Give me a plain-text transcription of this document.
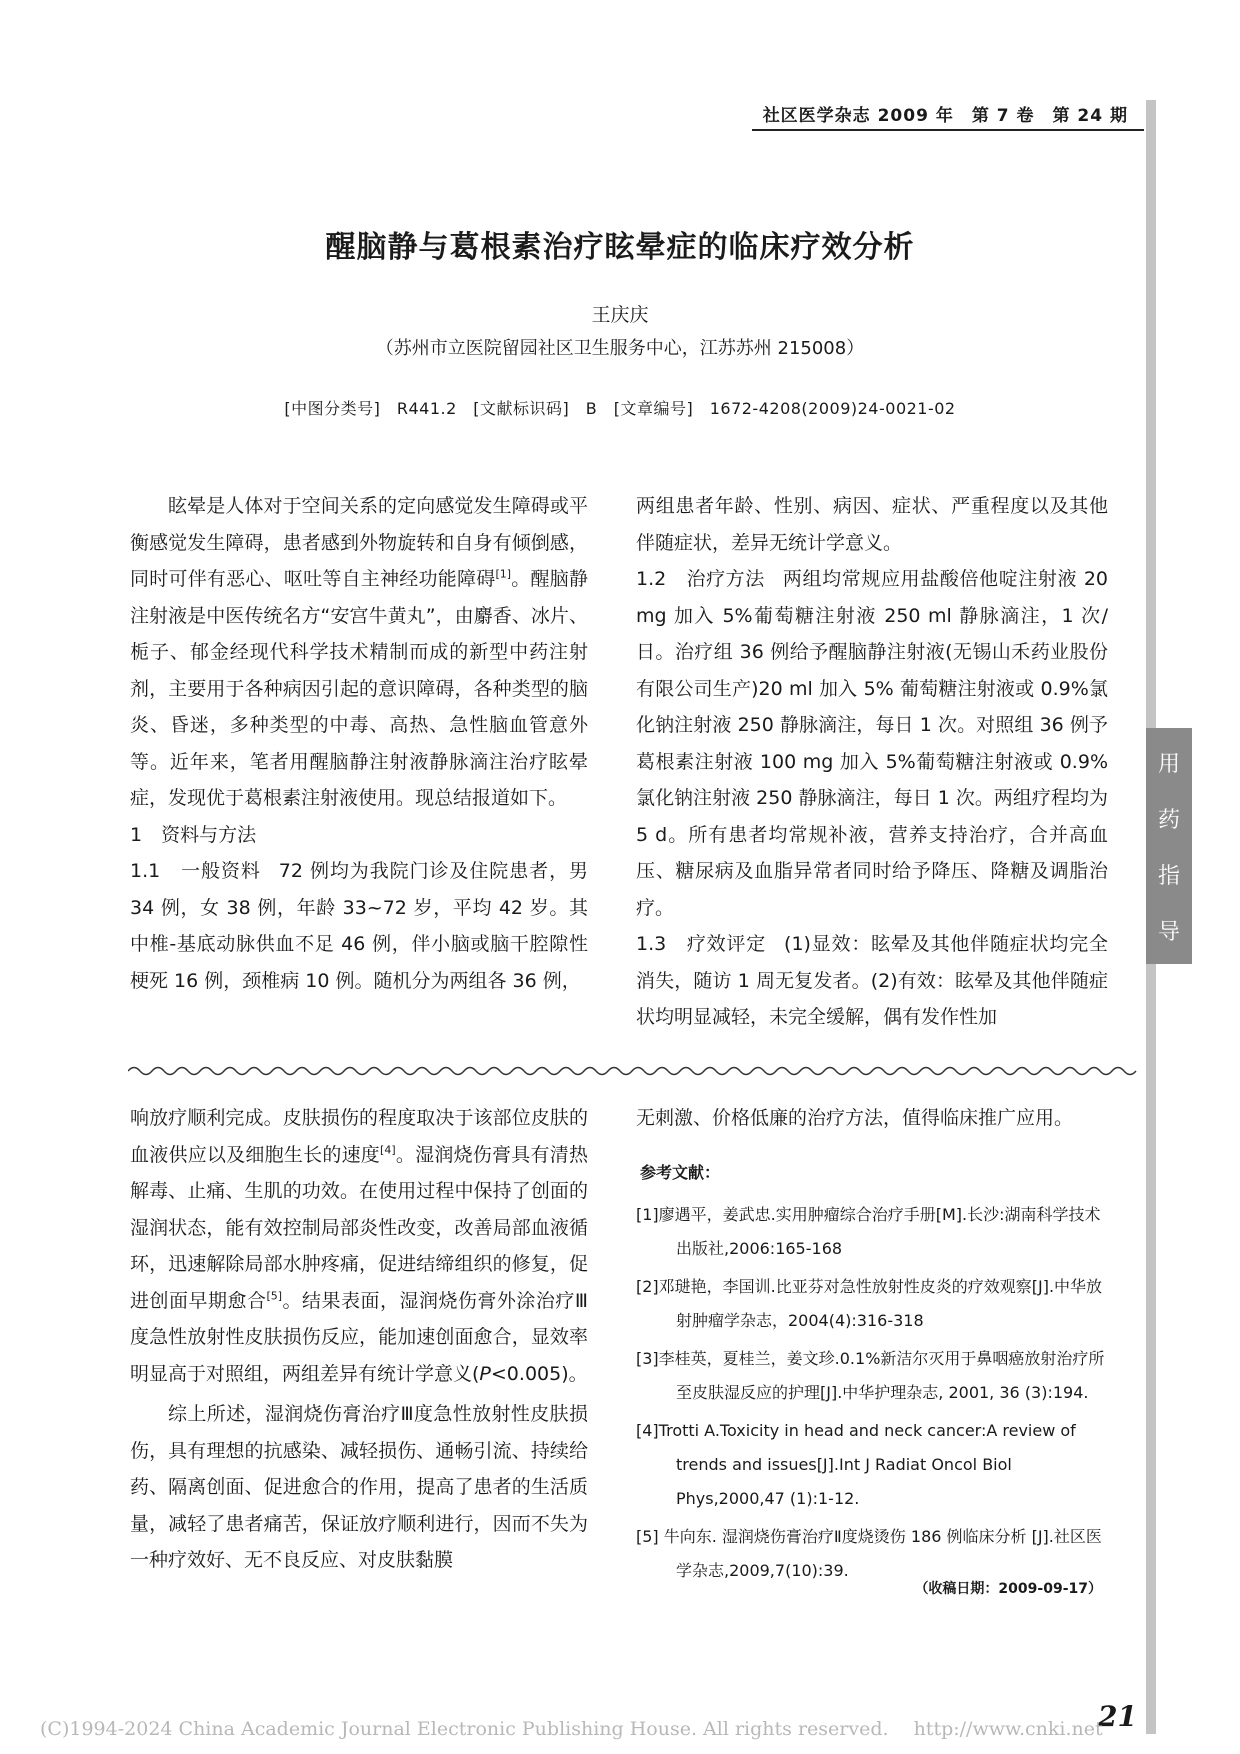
社区医学杂志 2009 年　第 7 卷　第 24 期
醒脑静与葛根素治疗眩晕症的临床疗效分析
王庆庆
（苏州市立医院留园社区卫生服务中心，江苏苏州 215008）
[中图分类号]　R441.2　[文献标识码]　B　[文章编号]　1672-4208(2009)24-0021-02

眩晕是人体对于空间关系的定向感觉发生障碍或平衡感觉发生障碍，患者感到外物旋转和自身有倾倒感，同时可伴有恶心、呕吐等自主神经功能障碍[1]。醒脑静注射液是中医传统名方“安宫牛黄丸”，由麝香、冰片、栀子、郁金经现代科学技术精制而成的新型中药注射剂，主要用于各种病因引起的意识障碍，各种类型的脑炎、昏迷，多种类型的中毒、高热、急性脑血管意外等。近年来，笔者用醒脑静注射液静脉滴注治疗眩晕症，发现优于葛根素注射液使用。现总结报道如下。

1　资料与方法

1.1　一般资料 72 例均为我院门诊及住院患者，男 34 例，女 38 例，年龄 33~72 岁，平均 42 岁。其中椎-基底动脉供血不足 46 例，伴小脑或脑干腔隙性梗死 16 例，颈椎病 10 例。随机分为两组各 36 例，

两组患者年龄、性别、病因、症状、严重程度以及其他伴随症状，差异无统计学意义。

1.2　治疗方法 两组均常规应用盐酸倍他啶注射液 20 mg 加入 5%葡萄糖注射液 250 ml 静脉滴注，1 次/日。治疗组 36 例给予醒脑静注射液(无锡山禾药业股份有限公司生产)20 ml 加入 5% 葡萄糖注射液或 0.9%氯化钠注射液 250 静脉滴注，每日 1 次。对照组 36 例予葛根素注射液 100 mg 加入 5%葡萄糖注射液或 0.9%氯化钠注射液 250 静脉滴注，每日 1 次。两组疗程均为 5 d。所有患者均常规补液，营养支持治疗，合并高血压、糖尿病及血脂异常者同时给予降压、降糖及调脂治疗。

1.3　疗效评定 (1)显效：眩晕及其他伴随症状均完全消失，随访 1 周无复发者。(2)有效：眩晕及其他伴随症状均明显减轻，未完全缓解，偶有发作性加

用
药
指
导

响放疗顺利完成。皮肤损伤的程度取决于该部位皮肤的血液供应以及细胞生长的速度[4]。湿润烧伤膏具有清热解毒、止痛、生肌的功效。在使用过程中保持了创面的湿润状态，能有效控制局部炎性改变，改善局部血液循环，迅速解除局部水肿疼痛，促进结缔组织的修复，促进创面早期愈合[5]。结果表面，湿润烧伤膏外涂治疗Ⅲ度急性放射性皮肤损伤反应，能加速创面愈合，显效率明显高于对照组，两组差异有统计学意义(P<0.005)。

综上所述，湿润烧伤膏治疗Ⅲ度急性放射性皮肤损伤，具有理想的抗感染、减轻损伤、通畅引流、持续给药、隔离创面、促进愈合的作用，提高了患者的生活质量，减轻了患者痛苦，保证放疗顺利进行，因而不失为一种疗效好、无不良反应、对皮肤黏膜

无刺激、价格低廉的治疗方法，值得临床推广应用。

参考文献：

[1]廖遇平，姜武忠.实用肿瘤综合治疗手册[M].长沙:湖南科学技术出版社,2006:165-168

[2]邓琎艳，李国训.比亚芬对急性放射性皮炎的疗效观察[J].中华放射肿瘤学杂志，2004(4):316-318

[3]李桂英，夏桂兰，姜文珍.0.1%新洁尔灭用于鼻咽癌放射治疗所至皮肤湿反应的护理[J].中华护理杂志, 2001, 36 (3):194.

[4]Trotti A.Toxicity in head and neck cancer:A review of trends and issues[J].Int J Radiat Oncol Biol Phys,2000,47 (1):1-12.

[5] 牛向东. 湿润烧伤膏治疗Ⅱ度烧烫伤 186 例临床分析 [J].社区医学杂志,2009,7(10):39.

（收稿日期：2009-09-17）
21
(C)1994-2024 China Academic Journal Electronic Publishing House. All rights reserved.　 http://www.cnki.net
